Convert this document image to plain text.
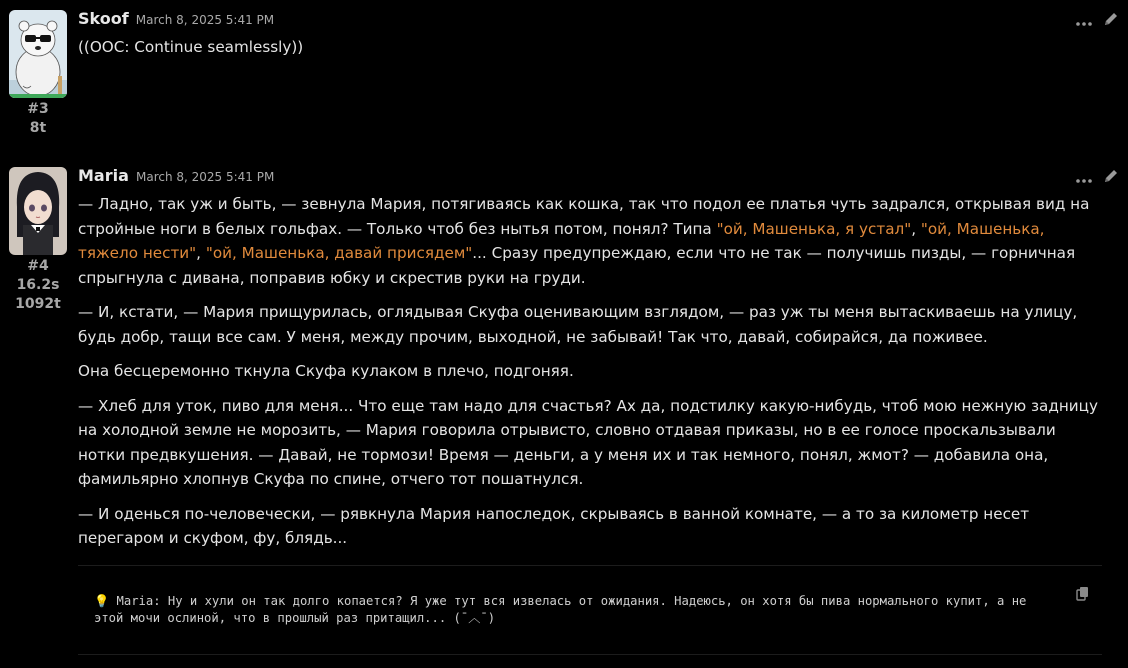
#3
8t
Skoof March 8, 2025 5:41 PM

((OOC: Continue seamlessly))

#4
16.2s
1092t
Maria March 8, 2025 5:41 PM

— Ладно, так уж и быть, — зевнула Мария, потягиваясь как кошка, так что подол ее платья чуть задрался, открывая вид на стройные ноги в белых гольфах. — Только чтоб без нытья потом, понял? Типа "ой, Машенька, я устал", "ой, Машенька, тяжело нести", "ой, Машенька, давай присядем"... Сразу предупреждаю, если что не так — получишь пизды, — горничная спрыгнула с дивана, поправив юбку и скрестив руки на груди.

— И, кстати, — Мария прищурилась, оглядывая Скуфа оценивающим взглядом, — раз уж ты меня вытаскиваешь на улицу, будь добр, тащи все сам. У меня, между прочим, выходной, не забывай! Так что, давай, собирайся, да поживее.

Она бесцеремонно ткнула Скуфа кулаком в плечо, подгоняя.

— Хлеб для уток, пиво для меня... Что еще там надо для счастья? Ах да, подстилку какую-нибудь, чтоб мою нежную задницу на холодной земле не морозить, — Мария говорила отрывисто, словно отдавая приказы, но в ее голосе проскальзывали нотки предвкушения. — Давай, не тормози! Время — деньги, а у меня их и так немного, понял, жмот? — добавила она, фамильярно хлопнув Скуфа по спине, отчего тот пошатнулся.

— И оденься по-человечески, — рявкнула Мария напоследок, скрываясь в ванной комнате, — а то за километр несет перегаром и скуфом, фу, блядь...

💡 Maria: Ну и хули он так долго копается? Я уже тут вся извелась от ожидания. Надеюсь, он хотя бы пива нормального купит, а не этой мочи ослиной, что в прошлый раз притащил... (¯︿¯)
